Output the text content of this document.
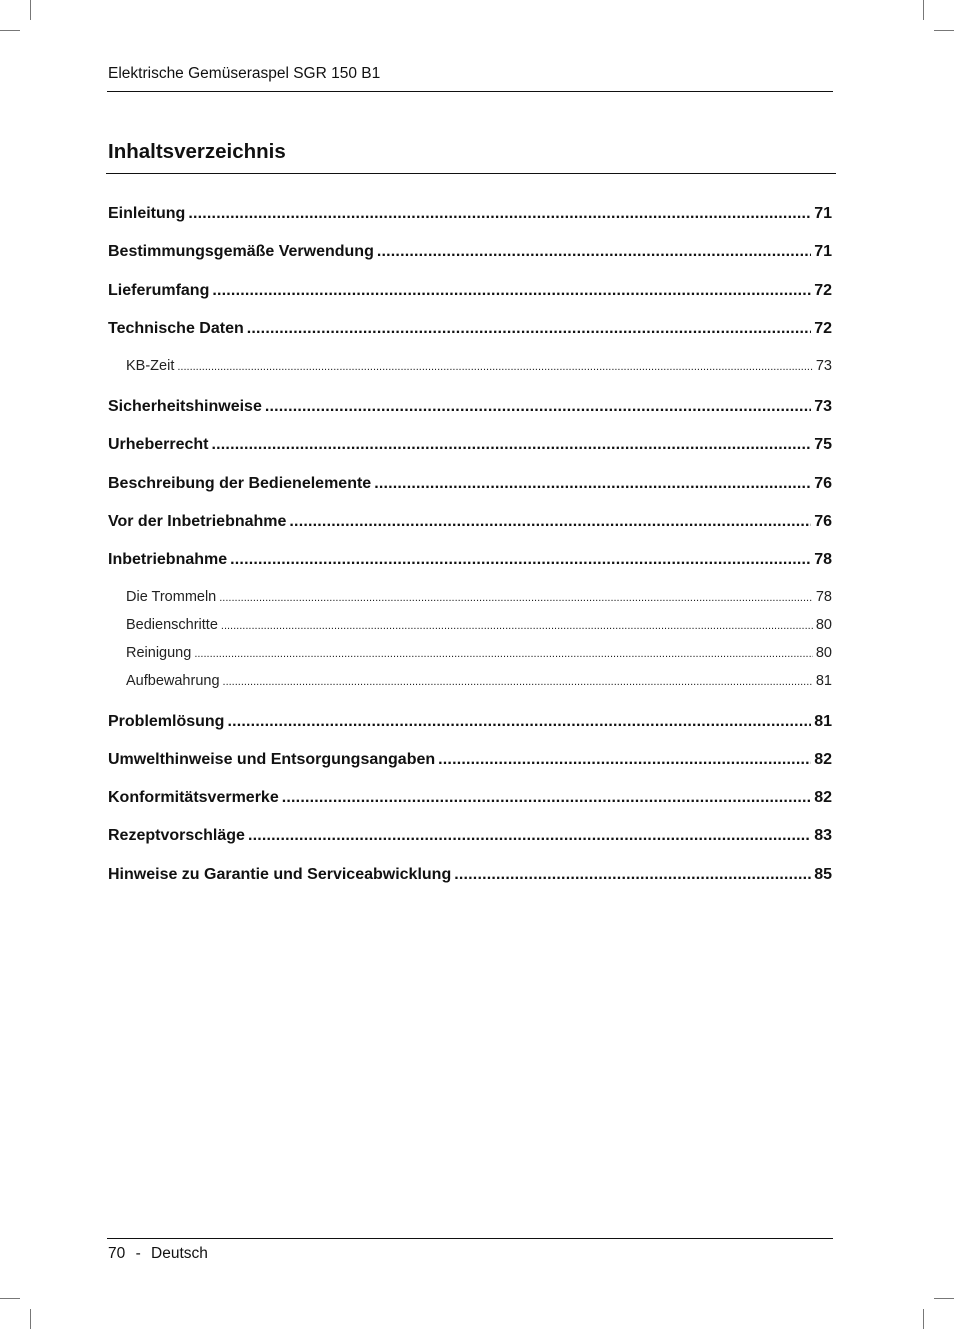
Elektrische Gemüseraspel SGR 150 B1
Inhaltsverzeichnis
Einleitung .....	71
Bestimmungsgemäße Verwendung .....	71
Lieferumfang .....	72
Technische Daten .....	72
KB-Zeit .....	73
Sicherheitshinweise .....	73
Urheberrecht .....	75
Beschreibung der Bedienelemente .....	76
Vor der Inbetriebnahme .....	76
Inbetriebnahme .....	78
Die Trommeln .....	78
Bedienschritte .....	80
Reinigung .....	80
Aufbewahrung .....	81
Problemlösung .....	81
Umwelthinweise und Entsorgungsangaben .....	82
Konformitätsvermerke .....	82
Rezeptvorschläge .....	83
Hinweise zu Garantie und Serviceabwicklung .....	85
70 - Deutsch
